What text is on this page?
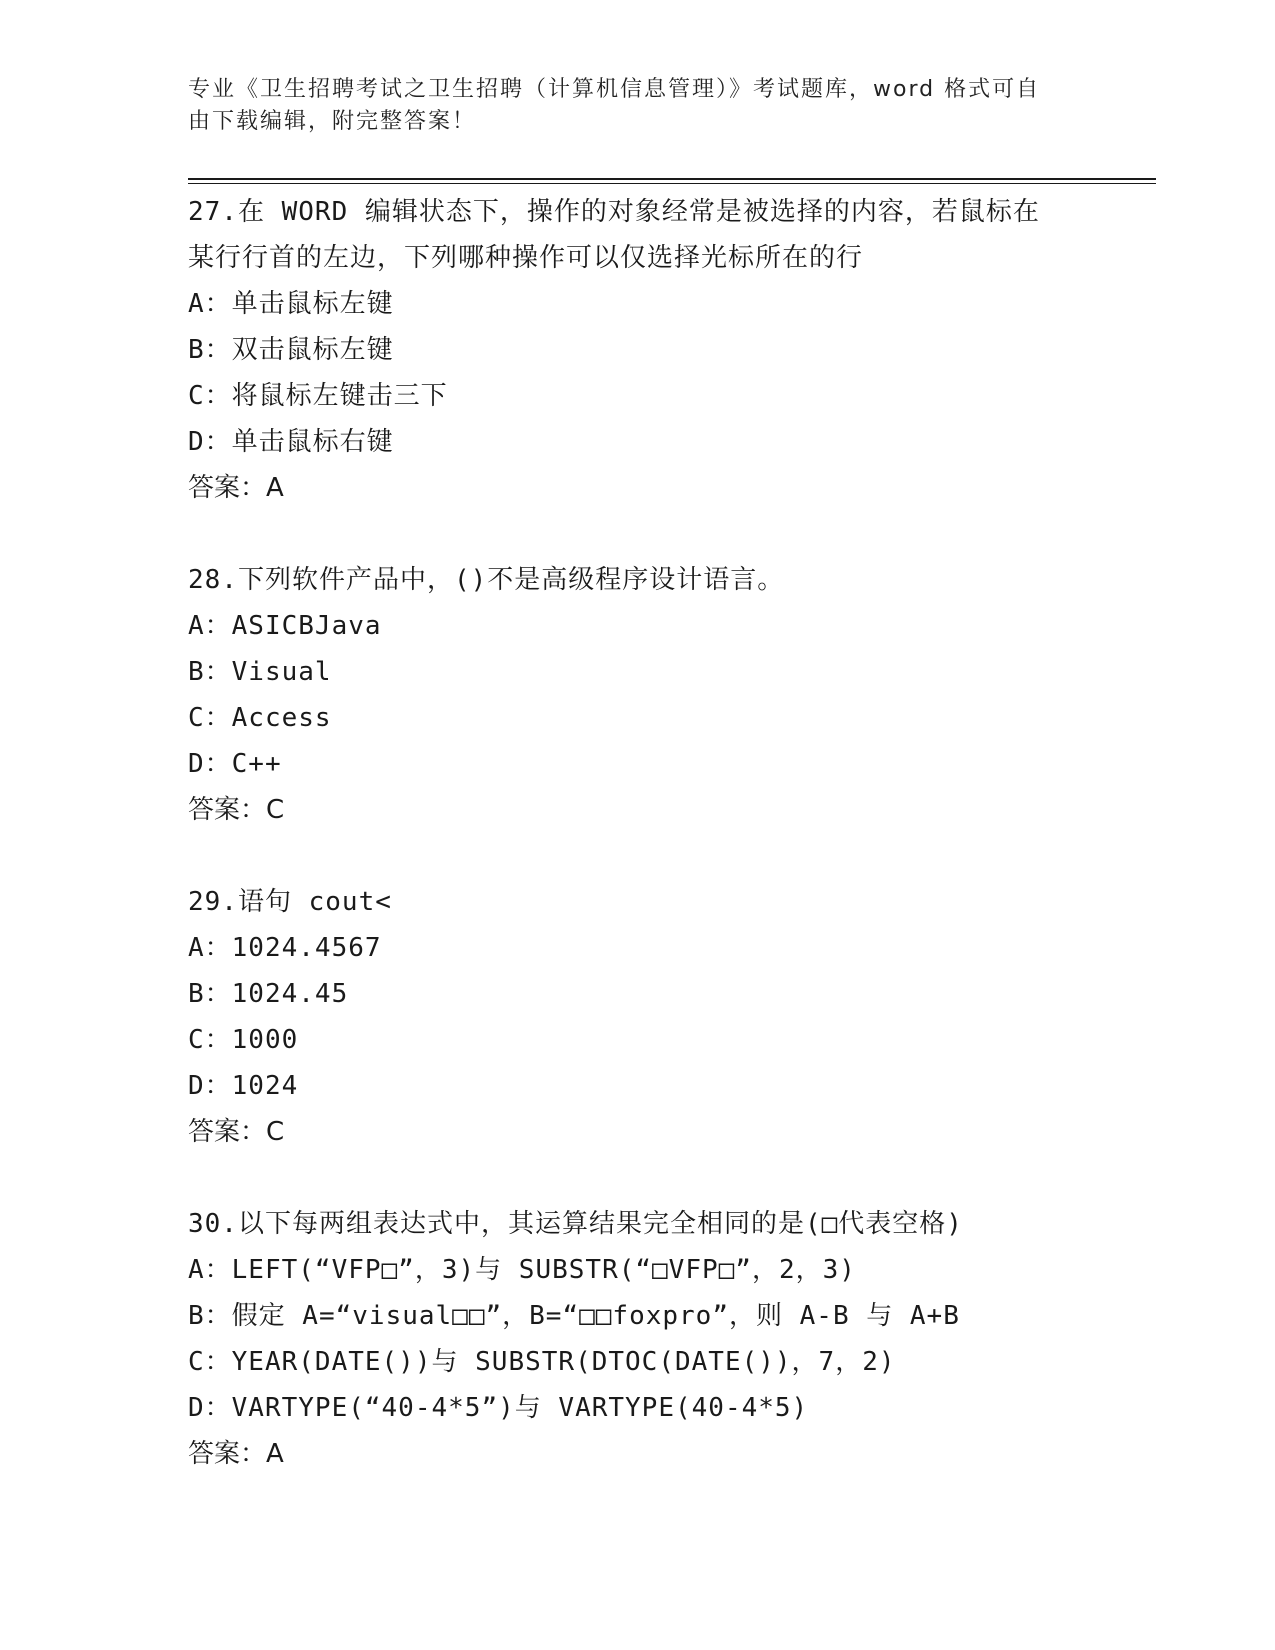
专业《卫生招聘考试之卫生招聘（计算机信息管理）》考试题库，word 格式可自
由下载编辑，附完整答案！
27.在 WORD 编辑状态下，操作的对象经常是被选择的内容，若鼠标在
某行行首的左边，下列哪种操作可以仅选择光标所在的行
A：单击鼠标左键
B：双击鼠标左键
C：将鼠标左键击三下
D：单击鼠标右键
答案：A
28.下列软件产品中，()不是高级程序设计语言。
A：ASICBJava
B：Visual
C：Access
D：C++
答案：C
29.语句 cout<
A：1024.4567
B：1024.45
C：1000
D：1024
答案：C
30.以下每两组表达式中，其运算结果完全相同的是(□代表空格)
A：LEFT(“VFP□”，3)与 SUBSTR(“□VFP□”，2，3)
B：假定 A=“visual□□”，B=“□□foxpro”，则 A-B 与 A+B
C：YEAR(DATE())与 SUBSTR(DTOC(DATE())，7，2)
D：VARTYPE(“40-4*5”)与 VARTYPE(40-4*5)
答案：A
